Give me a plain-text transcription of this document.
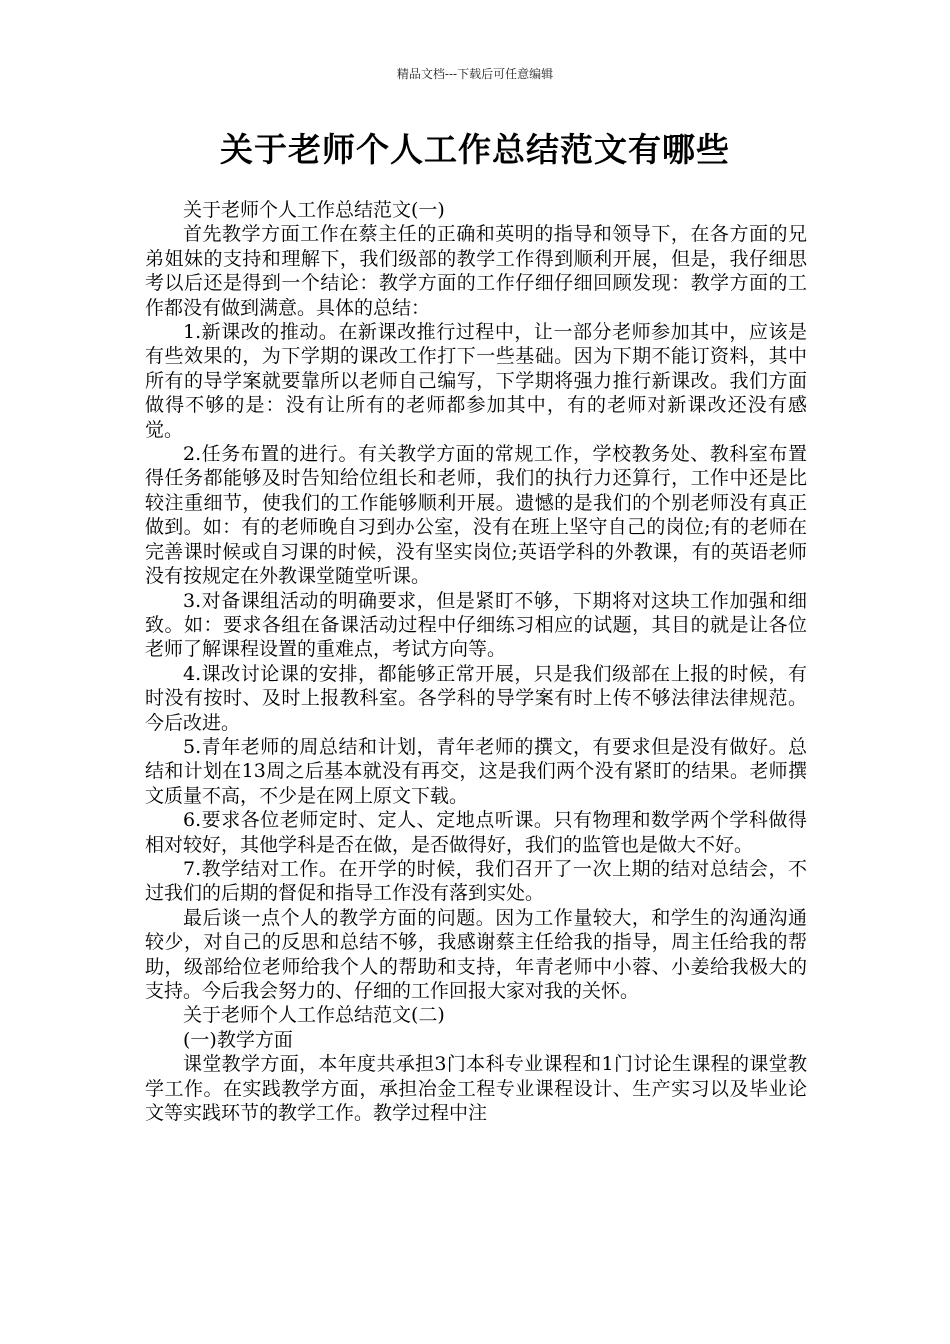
精品文档---下载后可任意编辑
关于老师个人工作总结范文有哪些

关于老师个人工作总结范文(一)

首先教学方面工作在蔡主任的正确和英明的指导和领导下，在各方面的兄弟姐妹的支持和理解下，我们级部的教学工作得到顺利开展，但是，我仔细思考以后还是得到一个结论：教学方面的工作仔细仔细回顾发现：教学方面的工作都没有做到满意。具体的总结：

1.新课改的推动。在新课改推行过程中，让一部分老师参加其中，应该是有些效果的，为下学期的课改工作打下一些基础。因为下期不能订资料，其中所有的导学案就要靠所以老师自己编写，下学期将强力推行新课改。我们方面做得不够的是：没有让所有的老师都参加其中，有的老师对新课改还没有感觉。

2.任务布置的进行。有关教学方面的常规工作，学校教务处、教科室布置得任务都能够及时告知给位组长和老师，我们的执行力还算行，工作中还是比较注重细节，使我们的工作能够顺利开展。遗憾的是我们的个别老师没有真正做到。如：有的老师晚自习到办公室，没有在班上坚守自己的岗位;有的老师在完善课时候或自习课的时候，没有坚实岗位;英语学科的外教课，有的英语老师没有按规定在外教课堂随堂听课。

3.对备课组活动的明确要求，但是紧盯不够，下期将对这块工作加强和细致。如：要求各组在备课活动过程中仔细练习相应的试题，其目的就是让各位老师了解课程设置的重难点，考试方向等。

4.课改讨论课的安排，都能够正常开展，只是我们级部在上报的时候，有时没有按时、及时上报教科室。各学科的导学案有时上传不够法律法律规范。今后改进。

5.青年老师的周总结和计划，青年老师的撰文，有要求但是没有做好。总结和计划在13周之后基本就没有再交，这是我们两个没有紧盯的结果。老师撰文质量不高，不少是在网上原文下载。

6.要求各位老师定时、定人、定地点听课。只有物理和数学两个学科做得相对较好，其他学科是否在做，是否做得好，我们的监管也是做大不好。

7.教学结对工作。在开学的时候，我们召开了一次上期的结对总结会，不过我们的后期的督促和指导工作没有落到实处。

最后谈一点个人的教学方面的问题。因为工作量较大，和学生的沟通沟通较少，对自己的反思和总结不够，我感谢蔡主任给我的指导，周主任给我的帮助，级部给位老师给我个人的帮助和支持，年青老师中小蓉、小姜给我极大的支持。今后我会努力的、仔细的工作回报大家对我的关怀。

关于老师个人工作总结范文(二)

(一)教学方面

课堂教学方面，本年度共承担3门本科专业课程和1门讨论生课程的课堂教学工作。在实践教学方面，承担冶金工程专业课程设计、生产实习以及毕业论文等实践环节的教学工作。教学过程中注
